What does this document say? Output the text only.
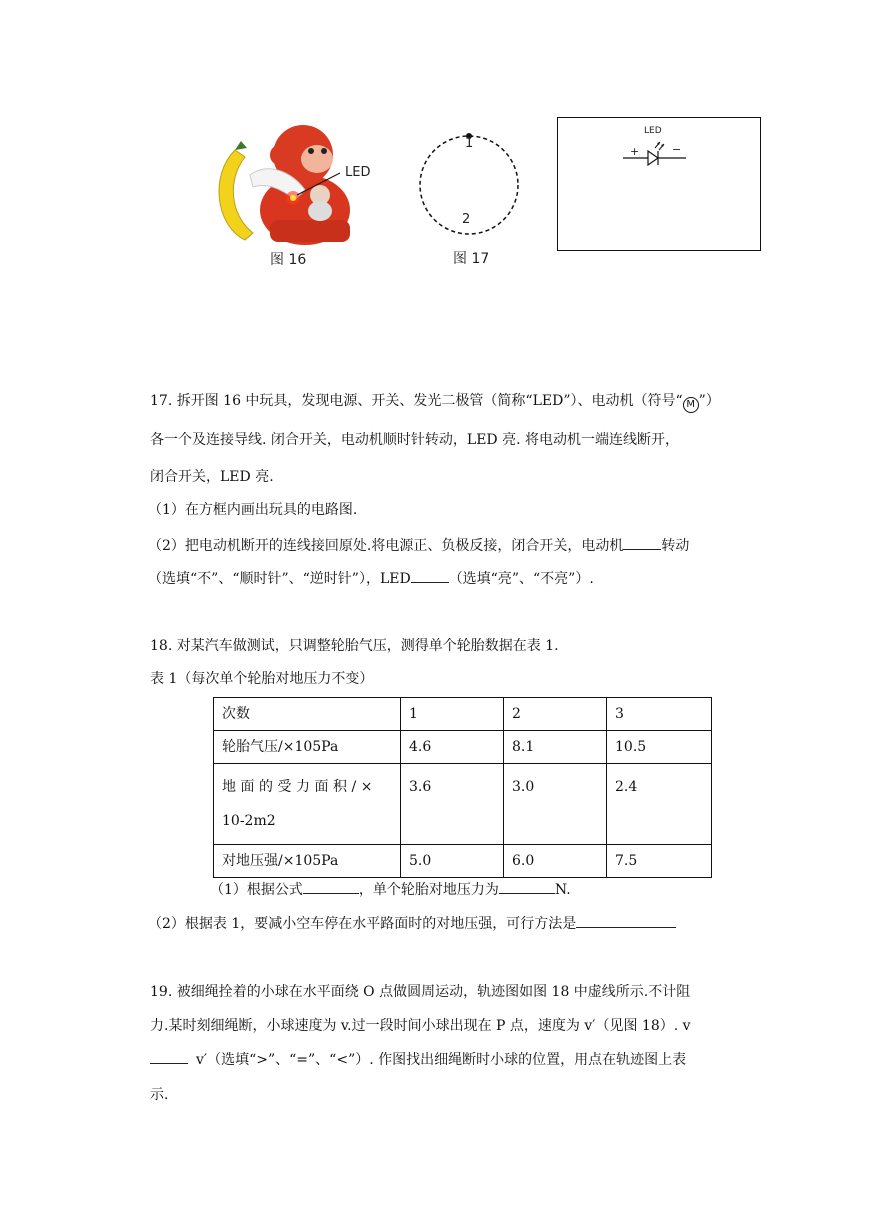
LED
图 16
1
2
图 17
LED
+	−
17. 拆开图 16 中玩具，发现电源、开关、发光二极管（简称“LED”）、电动机（符号“ M ”）
各一个及连接导线. 闭合开关，电动机顺时针转动，LED 亮. 将电动机一端连线断开，
闭合开关，LED 亮.
（1）在方框内画出玩具的电路图.
（2）把电动机断开的连线接回原处.将电源正、负极反接，闭合开关，电动机	转动
（选填“不”、“顺时针”、“逆时针”），LED	（选填“亮”、“不亮”）.
18. 对某汽车做测试，只调整轮胎气压，测得单个轮胎数据在表 1.
表 1（每次单个轮胎对地压力不变）
次数	1	2	3
轮胎气压/×105Pa	4.6	8.1	10.5

地面的受力面积/×
10-2m2	3.6	3.0	2.4
对地压强/×105Pa	5.0	6.0	7.5
（1）根据公式	，单个轮胎对地压力为	N.
（2）根据表 1，要减小空车停在水平路面时的对地压强，可行方法是
19. 被细绳拴着的小球在水平面绕 O 点做圆周运动，轨迹图如图 18 中虚线所示.不计阻
力.某时刻细绳断，小球速度为 v.过一段时间小球出现在 P 点，速度为 v′（见图 18）. v
v′（选填“>”、“=”、“<”）. 作图找出细绳断时小球的位置，用点在轨迹图上表
示.
